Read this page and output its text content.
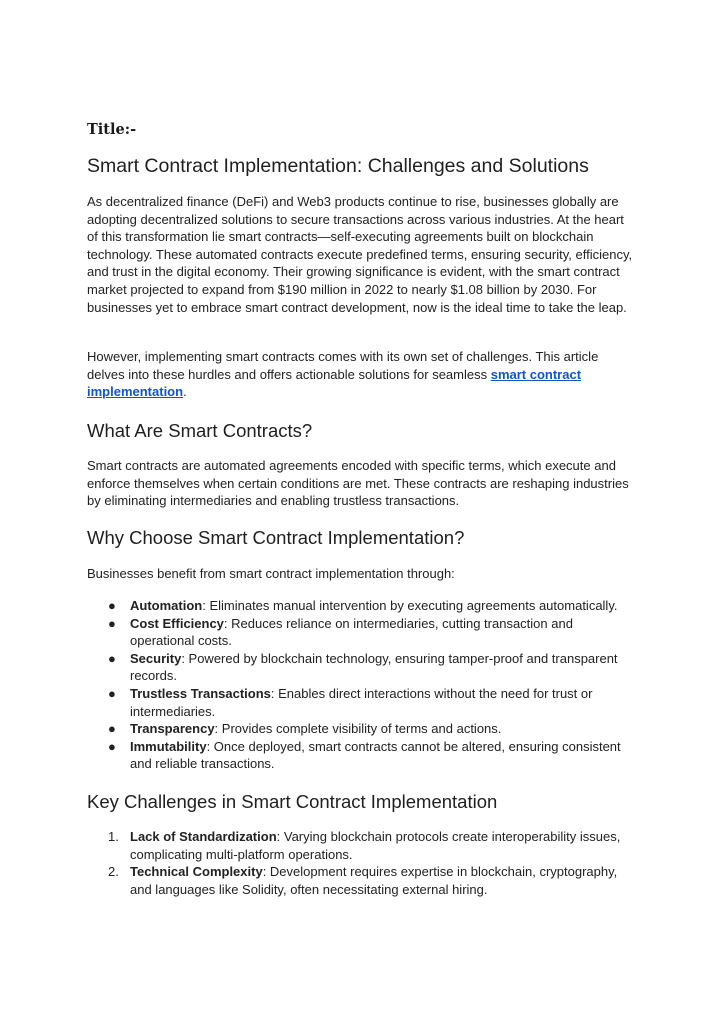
Title:-
Smart Contract Implementation: Challenges and Solutions

As decentralized finance (DeFi) and Web3 products continue to rise, businesses globally are adopting decentralized solutions to secure transactions across various industries. At the heart of this transformation lie smart contracts—self-executing agreements built on blockchain technology. These automated contracts execute predefined terms, ensuring security, efficiency, and trust in the digital economy. Their growing significance is evident, with the smart contract market projected to expand from $190 million in 2022 to nearly $1.08 billion by 2030. For businesses yet to embrace smart contract development, now is the ideal time to take the leap.

However, implementing smart contracts comes with its own set of challenges. This article delves into these hurdles and offers actionable solutions for seamless smart contract implementation.

What Are Smart Contracts?

Smart contracts are automated agreements encoded with specific terms, which execute and enforce themselves when certain conditions are met. These contracts are reshaping industries by eliminating intermediaries and enabling trustless transactions.

Why Choose Smart Contract Implementation?

Businesses benefit from smart contract implementation through:

● Automation: Eliminates manual intervention by executing agreements automatically.
● Cost Efficiency: Reduces reliance on intermediaries, cutting transaction and operational costs.
● Security: Powered by blockchain technology, ensuring tamper-proof and transparent records.
● Trustless Transactions: Enables direct interactions without the need for trust or intermediaries.
● Transparency: Provides complete visibility of terms and actions.
● Immutability: Once deployed, smart contracts cannot be altered, ensuring consistent and reliable transactions.
Key Challenges in Smart Contract Implementation
1. Lack of Standardization: Varying blockchain protocols create interoperability issues, complicating multi-platform operations.
2. Technical Complexity: Development requires expertise in blockchain, cryptography, and languages like Solidity, often necessitating external hiring.
